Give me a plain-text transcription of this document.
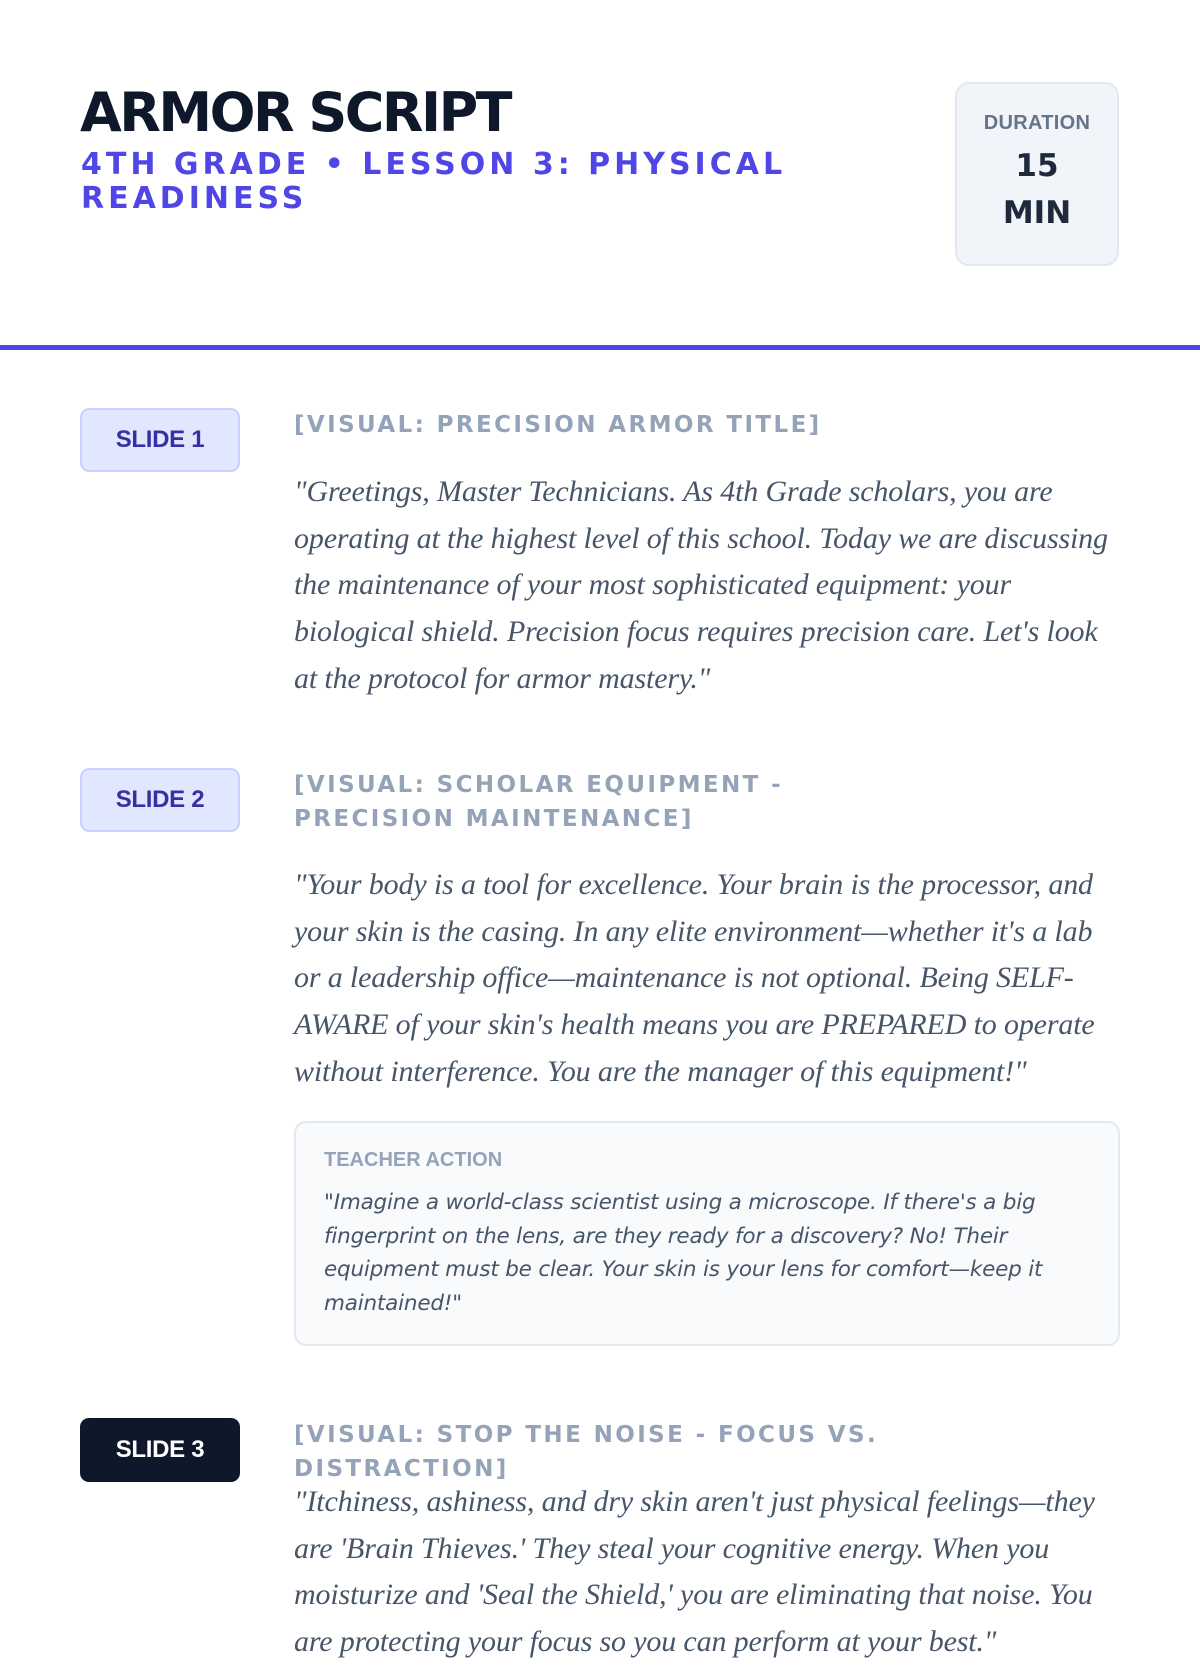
ARMOR SCRIPT
4TH GRADE • LESSON 3: PHYSICAL READINESS
DURATION
15 MIN
SLIDE 1
[VISUAL: PRECISION ARMOR TITLE]

"Greetings, Master Technicians. As 4th Grade scholars, you are operating at the highest level of this school. Today we are discussing the maintenance of your most sophisticated equipment: your biological shield. Precision focus requires precision care. Let's look at the protocol for armor mastery."

SLIDE 2
[VISUAL: SCHOLAR EQUIPMENT - PRECISION MAINTENANCE]

"Your body is a tool for excellence. Your brain is the processor, and your skin is the casing. In any elite environment—whether it's a lab or a leadership office—maintenance is not optional. Being SELF-AWARE of your skin's health means you are PREPARED to operate without interference. You are the manager of this equipment!"

TEACHER ACTION
"Imagine a world-class scientist using a microscope. If there's a big fingerprint on the lens, are they ready for a discovery? No! Their equipment must be clear. Your skin is your lens for comfort—keep it maintained!"
SLIDE 3
[VISUAL: STOP THE NOISE - FOCUS VS. DISTRACTION]

"Itchiness, ashiness, and dry skin aren't just physical feelings—they are 'Brain Thieves.' They steal your cognitive energy. When you moisturize and 'Seal the Shield,' you are eliminating that noise. You are protecting your focus so you can perform at your best."
